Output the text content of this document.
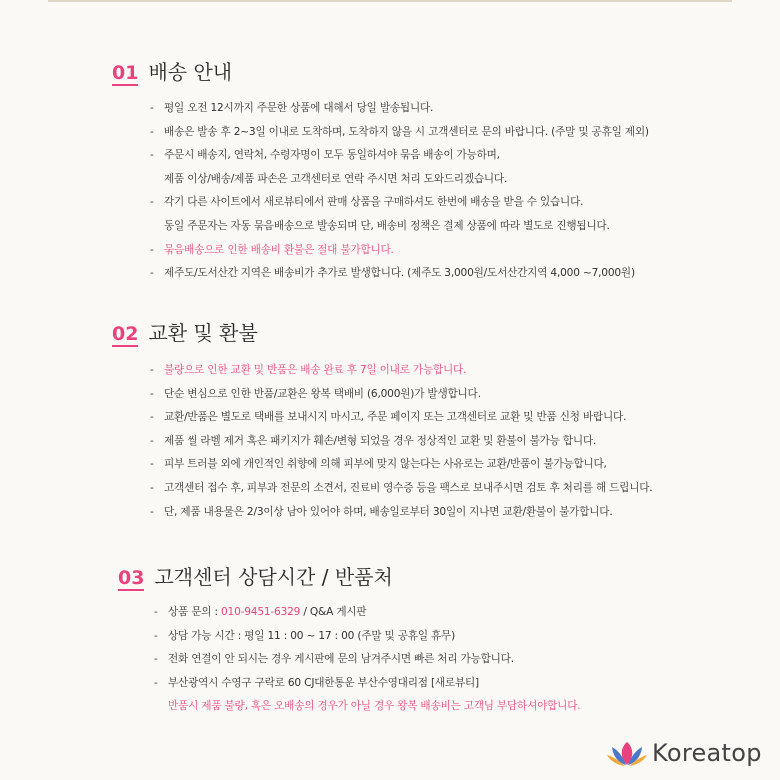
01 배송 안내
- 평일 오전 12시까지 주문한 상품에 대해서 당일 발송됩니다.
- 배송은 발송 후 2~3일 이내로 도착하며, 도착하지 않을 시 고객센터로 문의 바랍니다. (주말 및 공휴일 제외)
- 주문시 배송지, 연락처, 수령자명이 모두 동일하셔야 묶음 배송이 가능하며,
제품 이상/배송/제품 파손은 고객센터로 연락 주시면 처리 도와드리겠습니다.
- 각기 다른 사이트에서 새로뷰티에서 판매 상품을 구매하셔도 한번에 배송을 받을 수 있습니다.
동일 주문자는 자동 묶음배송으로 발송되며 단, 배송비 정책은 결제 상품에 따라 별도로 진행됩니다.
- 묶음배송으로 인한 배송비 환불은 절대 불가합니다.
- 제주도/도서산간 지역은 배송비가 추가로 발생합니다. (제주도 3,000원/도서산간지역 4,000 ~7,000원)
02 교환 및 환불
- 불량으로 인한 교환 및 반품은 배송 완료 후 7일 이내로 가능합니다.
- 단순 변심으로 인한 반품/교환은 왕복 택배비 (6,000원)가 발생합니다.
- 교환/반품은 별도로 택배를 보내시지 마시고, 주문 페이지 또는 고객센터로 교환 및 반품 신청 바랍니다.
- 제품 씰 라벨 제거 혹은 패키지가 훼손/변형 되었을 경우 정상적인 교환 및 환불이 불가능 합니다.
- 피부 트러블 외에 개인적인 취향에 의해 피부에 맞지 않는다는 사유로는 교환/반품이 불가능합니다,
- 고객센터 접수 후, 피부과 전문의 소견서, 진료비 영수증 등을 팩스로 보내주시면 검토 후 처리를 해 드립니다.
- 단, 제품 내용물은 2/3이상 남아 있어야 하며, 배송일로부터 30일이 지나면 교환/환불이 불가합니다.
03 고객센터 상담시간 / 반품처
- 상품 문의 : 010-9451-6329 / Q&A 게시판
- 상담 가능 시간 : 평일 11 : 00 ~ 17 : 00 (주말 및 공휴일 휴무)
- 전화 연결이 안 되시는 경우 게시판에 문의 남겨주시면 빠른 처리 가능합니다.
- 부산광역시 수영구 구락로 60 CJ대한통운 부산수영대리점 [새로뷰티]
반품시 제품 불량, 혹은 오배송의 경우가 아닐 경우 왕복 배송비는 고객님 부담하셔야합니다.
Koreatop
